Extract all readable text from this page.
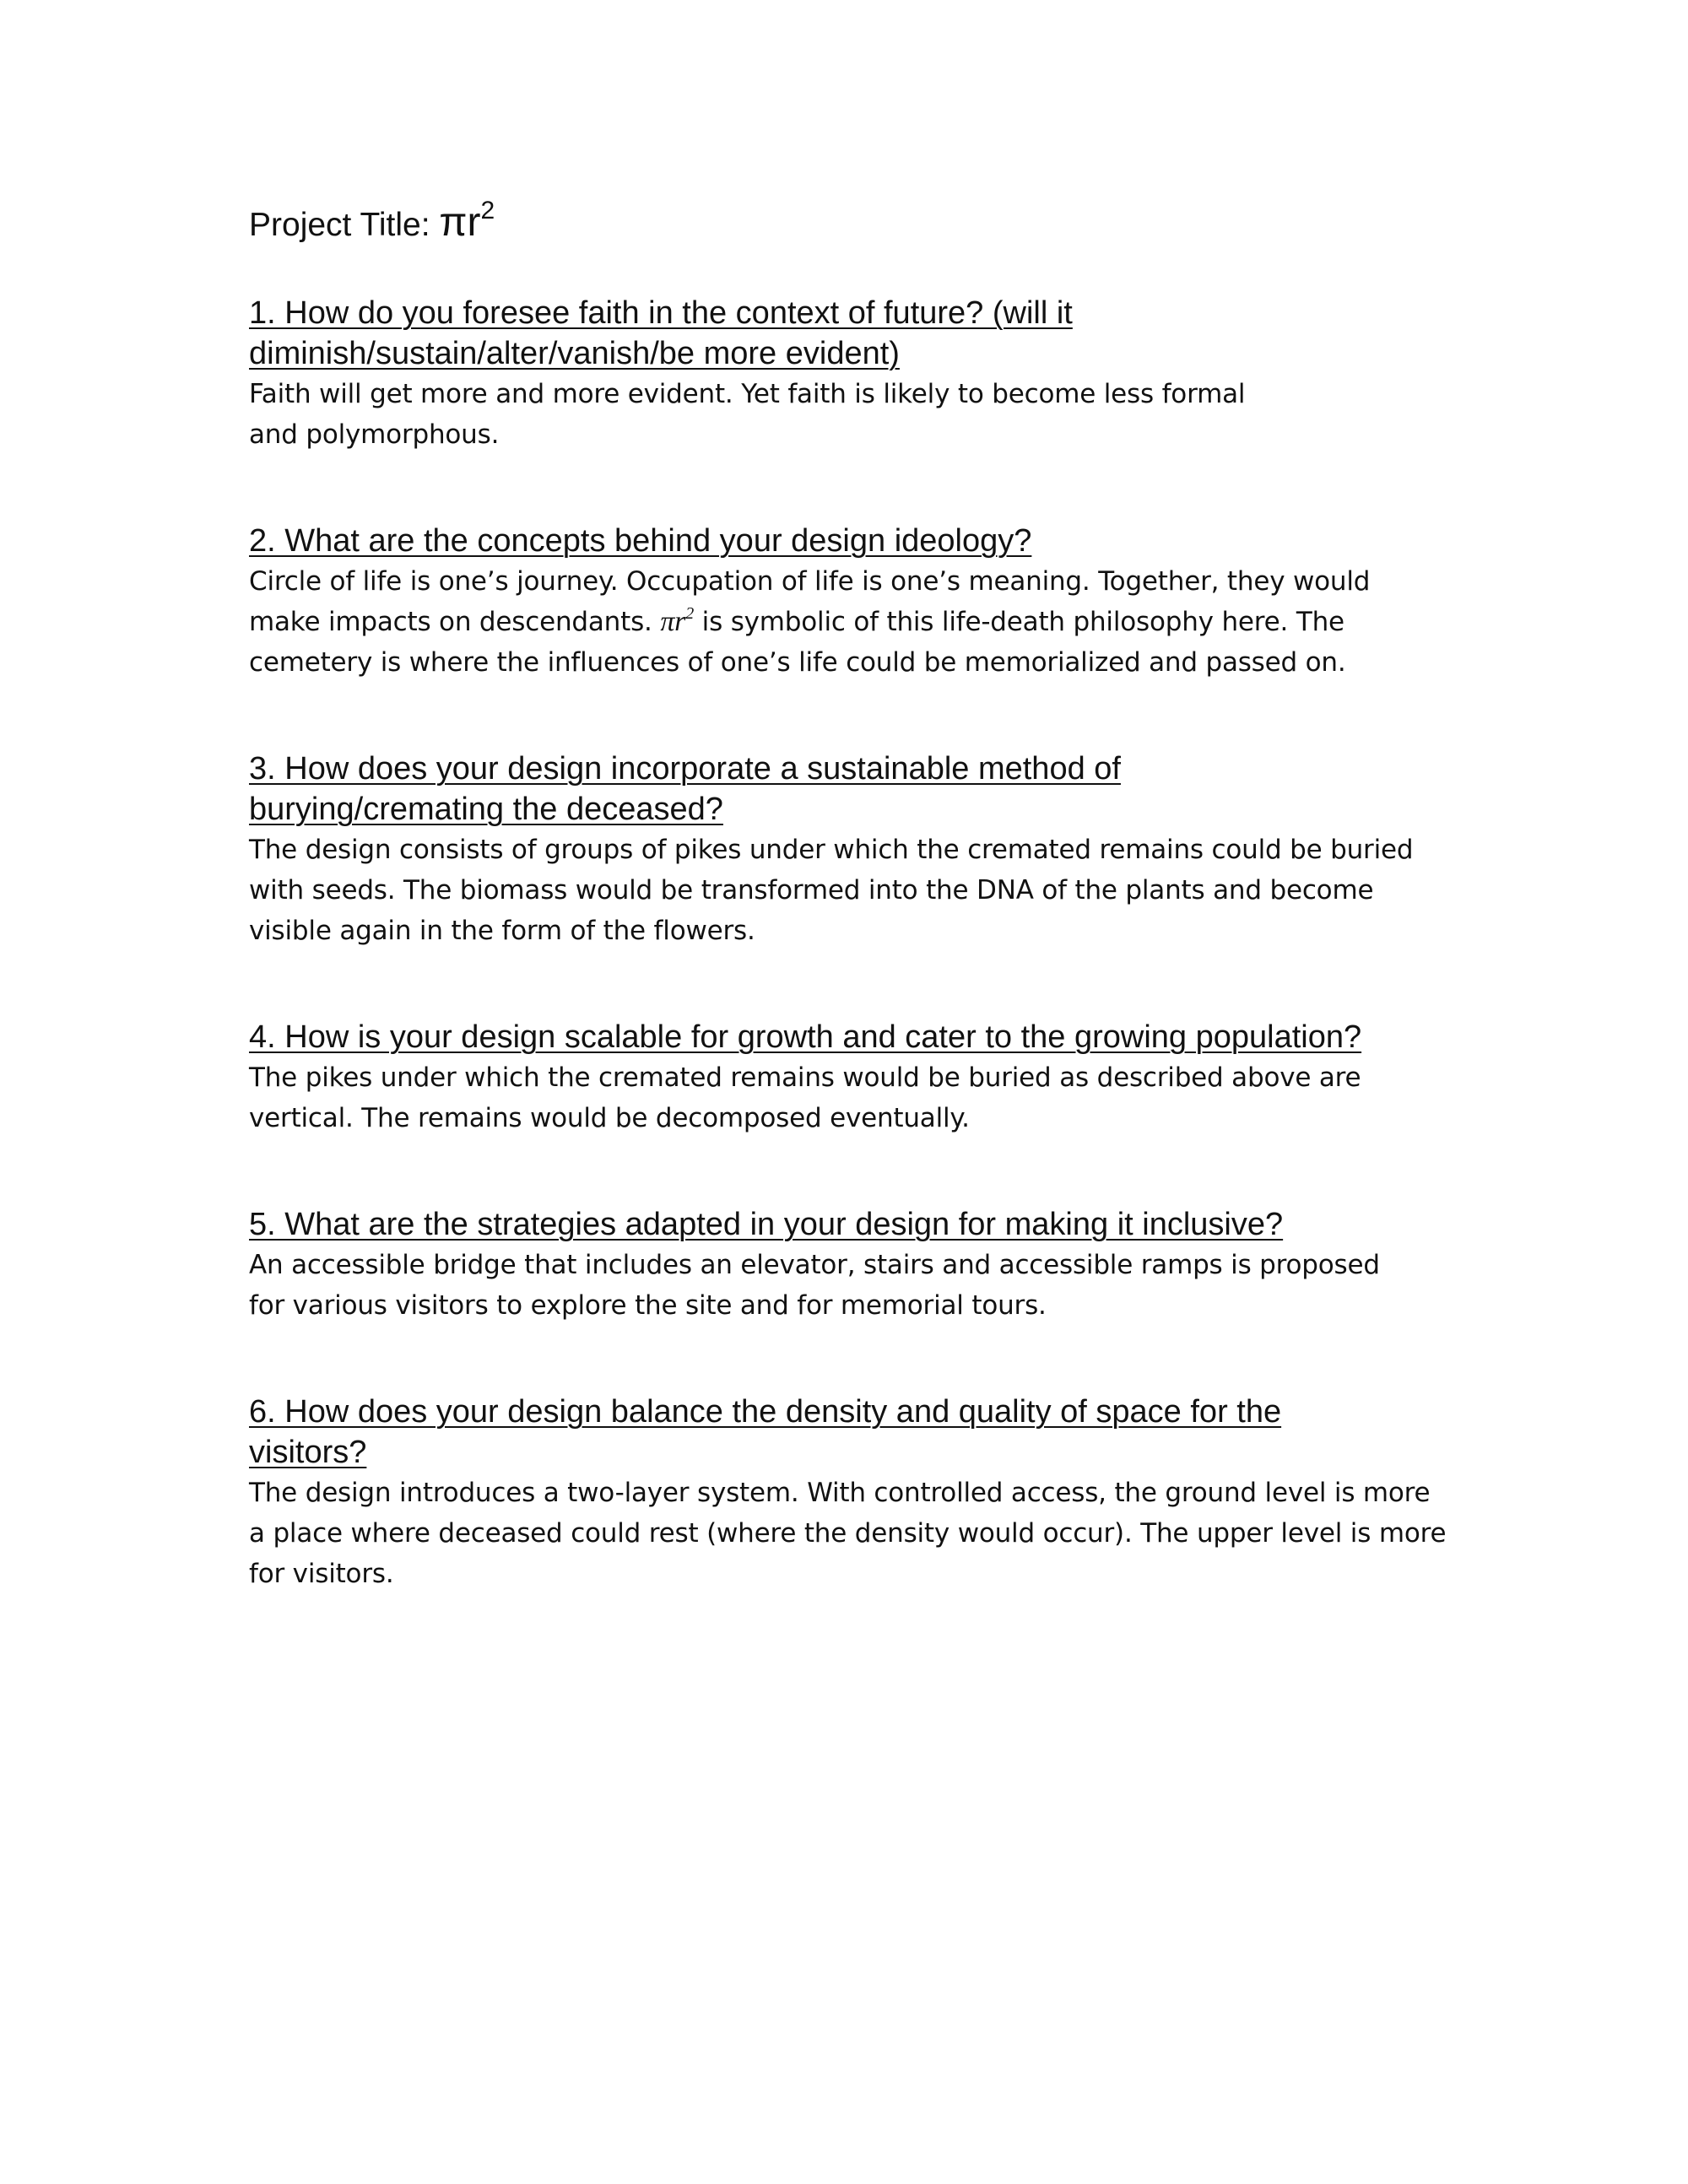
Project Title: $\pi r^2$

1. How do you foresee faith in the context of future? (will it diminish/sustain/alter/vanish/be more evident)

Faith will get more and more evident. Yet faith is likely to become less formal and polymorphous.

2. What are the concepts behind your design ideology?

Circle of life is one’s journey. Occupation of life is one’s meaning. Together, they would make impacts on descendants. $\pi r^2$ is symbolic of this life-death philosophy here. The cemetery is where the influences of one’s life could be memorialized and passed on.

3. How does your design incorporate a sustainable method of burying/cremating the deceased?

The design consists of groups of pikes under which the cremated remains could be buried with seeds. The biomass would be transformed into the DNA of the plants and become visible again in the form of the flowers.

4. How is your design scalable for growth and cater to the growing population?

The pikes under which the cremated remains would be buried as described above are vertical. The remains would be decomposed eventually.

5. What are the strategies adapted in your design for making it inclusive?

An accessible bridge that includes an elevator, stairs and accessible ramps is proposed for various visitors to explore the site and for memorial tours.

6. How does your design balance the density and quality of space for the visitors?

The design introduces a two-layer system. With controlled access, the ground level is more a place where deceased could rest (where the density would occur). The upper level is more for visitors.
